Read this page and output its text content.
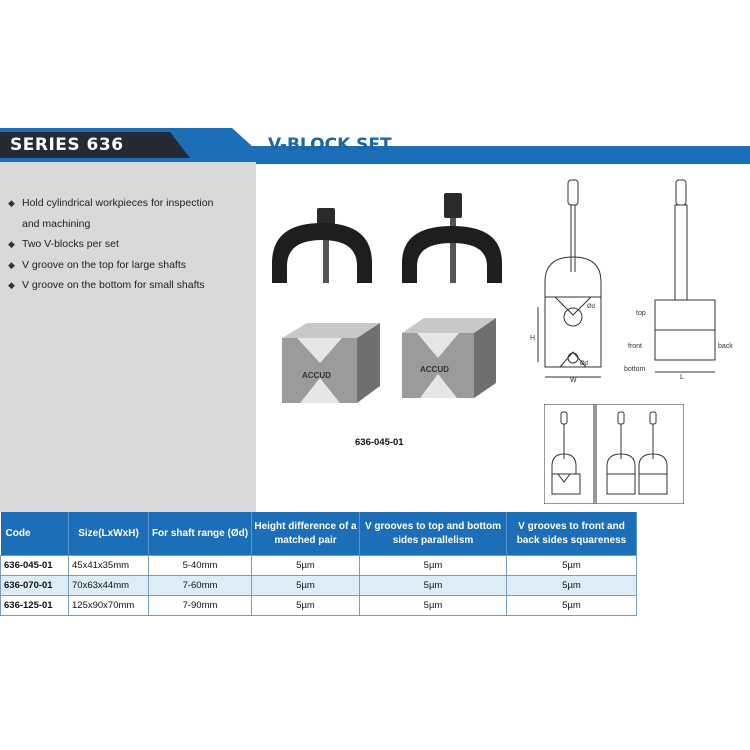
SERIES 636	V-BLOCK SET
◆ Hold cylindrical workpieces for inspection
and machining
◆ Two V-blocks per set
◆ V groove on the top for large shafts
◆ V groove on the bottom for small shafts
ACCUD
ACCUD
636-045-01
H
W
Ød
Ød
top
front
bottom
back
L
Code	Size(LxWxH)	For shaft range (Ød)	Height difference of a matched pair	V grooves to top and bottom sides parallelism	V grooves to front and back sides squareness
636-045-01	45x41x35mm	5-40mm	5µm	5µm	5µm
636-070-01	70x63x44mm	7-60mm	5µm	5µm	5µm
636-125-01	125x90x70mm	7-90mm	5µm	5µm	5µm
